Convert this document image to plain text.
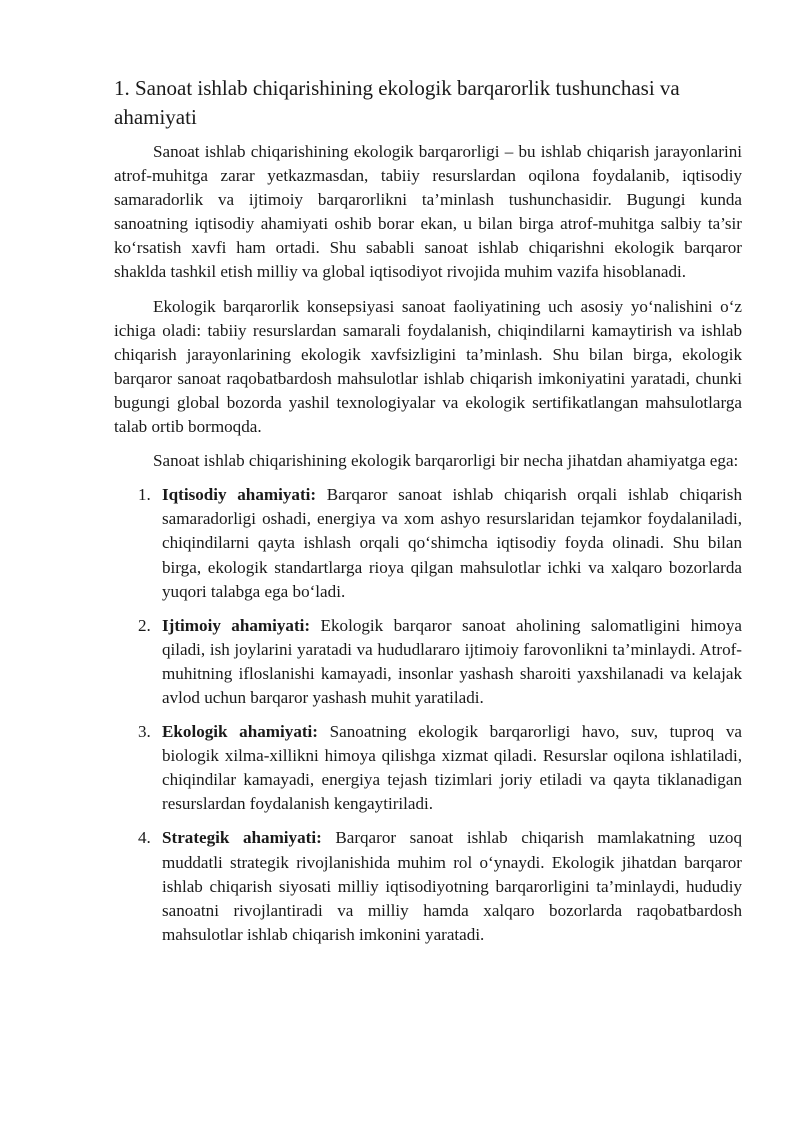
1. Sanoat ishlab chiqarishining ekologik barqarorlik tushunchasi va ahamiyati

Sanoat ishlab chiqarishining ekologik barqarorligi – bu ishlab chiqarish jarayonlarini atrof-muhitga zarar yetkazmasdan, tabiiy resurslardan oqilona foydalanib, iqtisodiy samaradorlik va ijtimoiy barqarorlikni ta’minlash tushunchasidir. Bugungi kunda sanoatning iqtisodiy ahamiyati oshib borar ekan, u bilan birga atrof-muhitga salbiy ta’sir ko‘rsatish xavfi ham ortadi. Shu sababli sanoat ishlab chiqarishni ekologik barqaror shaklda tashkil etish milliy va global iqtisodiyot rivojida muhim vazifa hisoblanadi.

Ekologik barqarorlik konsepsiyasi sanoat faoliyatining uch asosiy yo‘nalishini o‘z ichiga oladi: tabiiy resurslardan samarali foydalanish, chiqindilarni kamaytirish va ishlab chiqarish jarayonlarining ekologik xavfsizligini ta’minlash. Shu bilan birga, ekologik barqaror sanoat raqobatbardosh mahsulotlar ishlab chiqarish imkoniyatini yaratadi, chunki bugungi global bozorda yashil texnologiyalar va ekologik sertifikatlangan mahsulotlarga talab ortib bormoqda.

Sanoat ishlab chiqarishining ekologik barqarorligi bir necha jihatdan ahamiyatga ega:

1. Iqtisodiy ahamiyati: Barqaror sanoat ishlab chiqarish orqali ishlab chiqarish samaradorligi oshadi, energiya va xom ashyo resurslaridan tejamkor foydalaniladi, chiqindilarni qayta ishlash orqali qo‘shimcha iqtisodiy foyda olinadi. Shu bilan birga, ekologik standartlarga rioya qilgan mahsulotlar ichki va xalqaro bozorlarda yuqori talabga ega bo‘ladi.
2. Ijtimoiy ahamiyati: Ekologik barqaror sanoat aholining salomatligini himoya qiladi, ish joylarini yaratadi va hududlararo ijtimoiy farovonlikni ta’minlaydi. Atrof-muhitning ifloslanishi kamayadi, insonlar yashash sharoiti yaxshilanadi va kelajak avlod uchun barqaror yashash muhit yaratiladi.
3. Ekologik ahamiyati: Sanoatning ekologik barqarorligi havo, suv, tuproq va biologik xilma-xillikni himoya qilishga xizmat qiladi. Resurslar oqilona ishlatiladi, chiqindilar kamayadi, energiya tejash tizimlari joriy etiladi va qayta tiklanadigan resurslardan foydalanish kengaytiriladi.
4. Strategik ahamiyati: Barqaror sanoat ishlab chiqarish mamlakatning uzoq muddatli strategik rivojlanishida muhim rol o‘ynaydi. Ekologik jihatdan barqaror ishlab chiqarish siyosati milliy iqtisodiyotning barqarorligini ta’minlaydi, hududiy sanoatni rivojlantiradi va milliy hamda xalqaro bozorlarda raqobatbardosh mahsulotlar ishlab chiqarish imkonini yaratadi.
